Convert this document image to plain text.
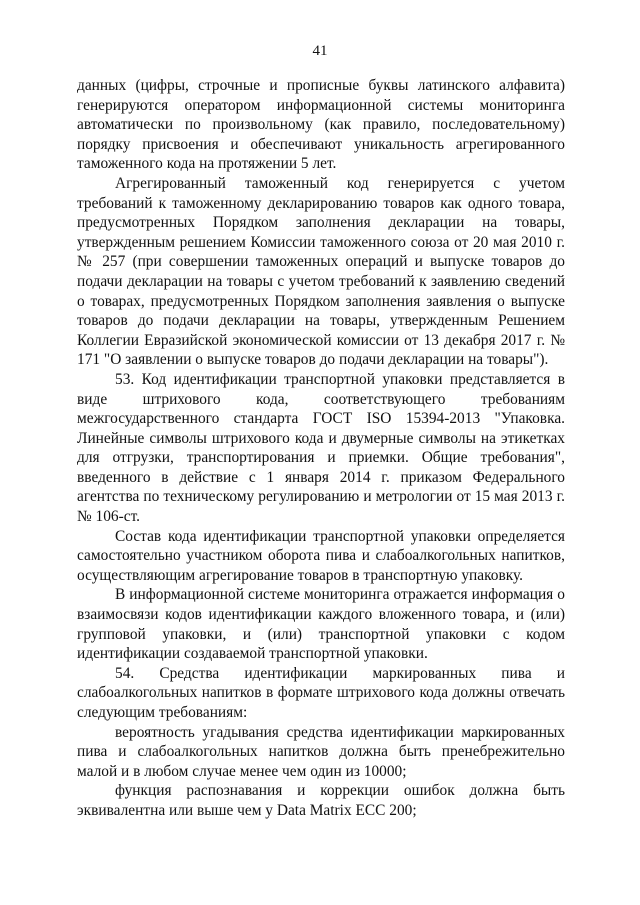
41

данных (цифры, строчные и прописные буквы латинского алфавита) генерируются оператором информационной системы мониторинга автоматически по произвольному (как правило, последовательному) порядку присвоения и обеспечивают уникальность агрегированного таможенного кода на протяжении 5 лет.

Агрегированный таможенный код генерируется с учетом требований к таможенному декларированию товаров как одного товара, предусмотренных Порядком заполнения декларации на товары, утвержденным решением Комиссии таможенного союза от 20 мая 2010 г. № 257 (при совершении таможенных операций и выпуске товаров до подачи декларации на товары с учетом требований к заявлению сведений о товарах, предусмотренных Порядком заполнения заявления о выпуске товаров до подачи декларации на товары, утвержденным Решением Коллегии Евразийской экономической комиссии от 13 декабря 2017 г. № 171 "О заявлении о выпуске товаров до подачи декларации на товары").

53. Код идентификации транспортной упаковки представляется в виде штрихового кода, соответствующего требованиям межгосударственного стандарта ГОСТ ISO 15394-2013 "Упаковка. Линейные символы штрихового кода и двумерные символы на этикетках для отгрузки, транспортирования и приемки. Общие требования", введенного в действие с 1 января 2014 г. приказом Федерального агентства по техническому регулированию и метрологии от 15 мая 2013 г. № 106-ст.

Состав кода идентификации транспортной упаковки определяется самостоятельно участником оборота пива и слабоалкогольных напитков, осуществляющим агрегирование товаров в транспортную упаковку.

В информационной системе мониторинга отражается информация о взаимосвязи кодов идентификации каждого вложенного товара, и (или) групповой упаковки, и (или) транспортной упаковки с кодом идентификации создаваемой транспортной упаковки.

54. Средства идентификации маркированных пива и слабоалкогольных напитков в формате штрихового кода должны отвечать следующим требованиям:

вероятность угадывания средства идентификации маркированных пива и слабоалкогольных напитков должна быть пренебрежительно малой и в любом случае менее чем один из 10000;

функция распознавания и коррекции ошибок должна быть эквивалентна или выше чем у Data Matrix ECC 200;
